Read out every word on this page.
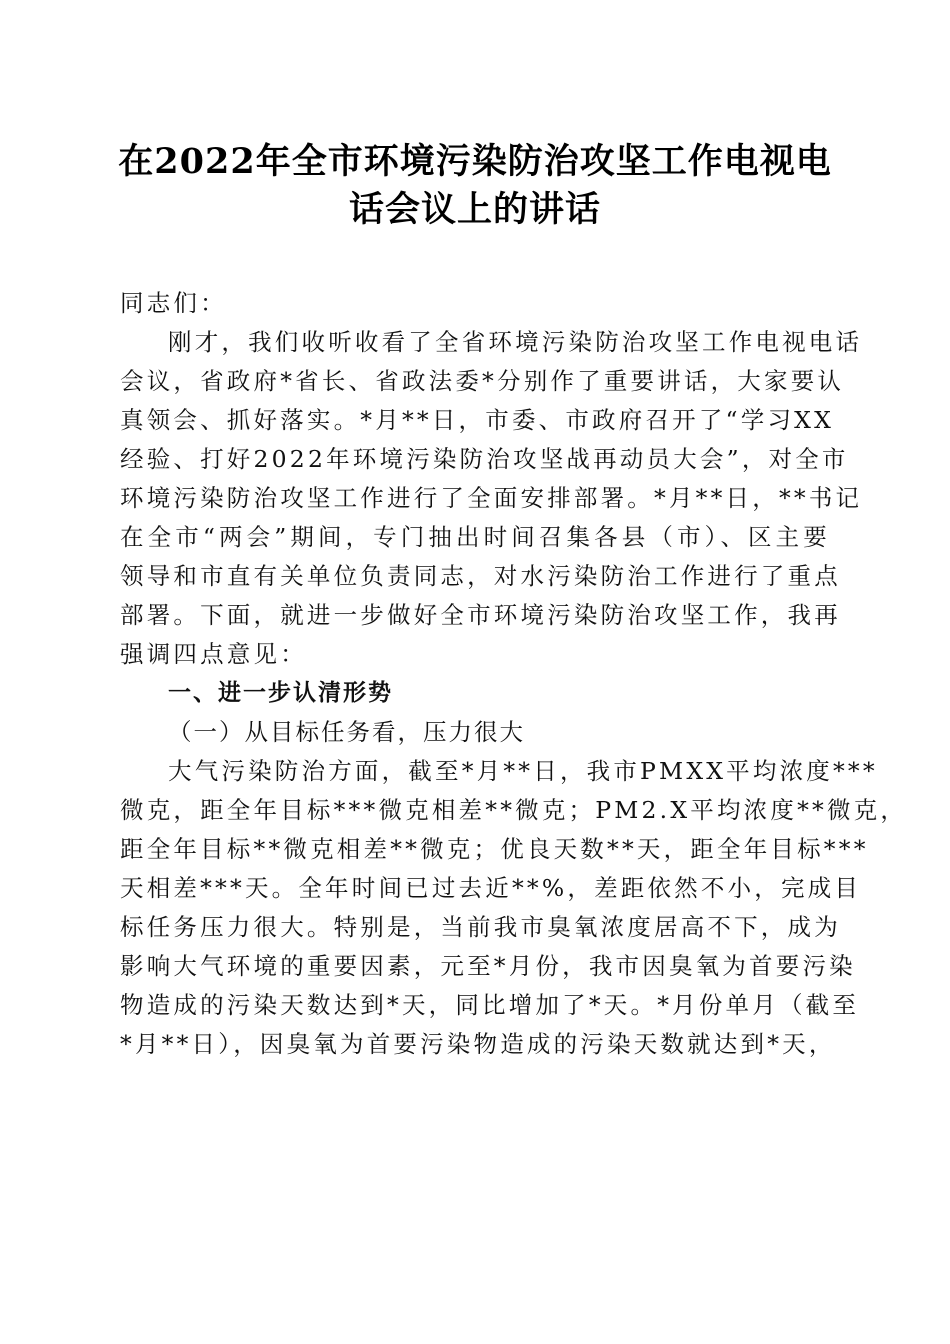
在2022年全市环境污染防治攻坚工作电视电
话会议上的讲话
同志们：
刚才，我们收听收看了全省环境污染防治攻坚工作电视电话
会议，省政府*省长、省政法委*分别作了重要讲话，大家要认
真领会、抓好落实。*月**日，市委、市政府召开了“学习XX
经验、打好2022年环境污染防治攻坚战再动员大会”，对全市
环境污染防治攻坚工作进行了全面安排部署。*月**日，**书记
在全市“两会”期间，专门抽出时间召集各县（市）、区主要
领导和市直有关单位负责同志，对水污染防治工作进行了重点
部署。下面，就进一步做好全市环境污染防治攻坚工作，我再
强调四点意见：
一、进一步认清形势
（一）从目标任务看，压力很大
大气污染防治方面，截至*月**日，我市PMXX平均浓度***
微克，距全年目标***微克相差**微克；PM2.X平均浓度**微克，
距全年目标**微克相差**微克；优良天数**天，距全年目标***
天相差***天。全年时间已过去近**%，差距依然不小，完成目
标任务压力很大。特别是，当前我市臭氧浓度居高不下，成为
影响大气环境的重要因素，元至*月份，我市因臭氧为首要污染
物造成的污染天数达到*天，同比增加了*天。*月份单月（截至
*月**日），因臭氧为首要污染物造成的污染天数就达到*天，
